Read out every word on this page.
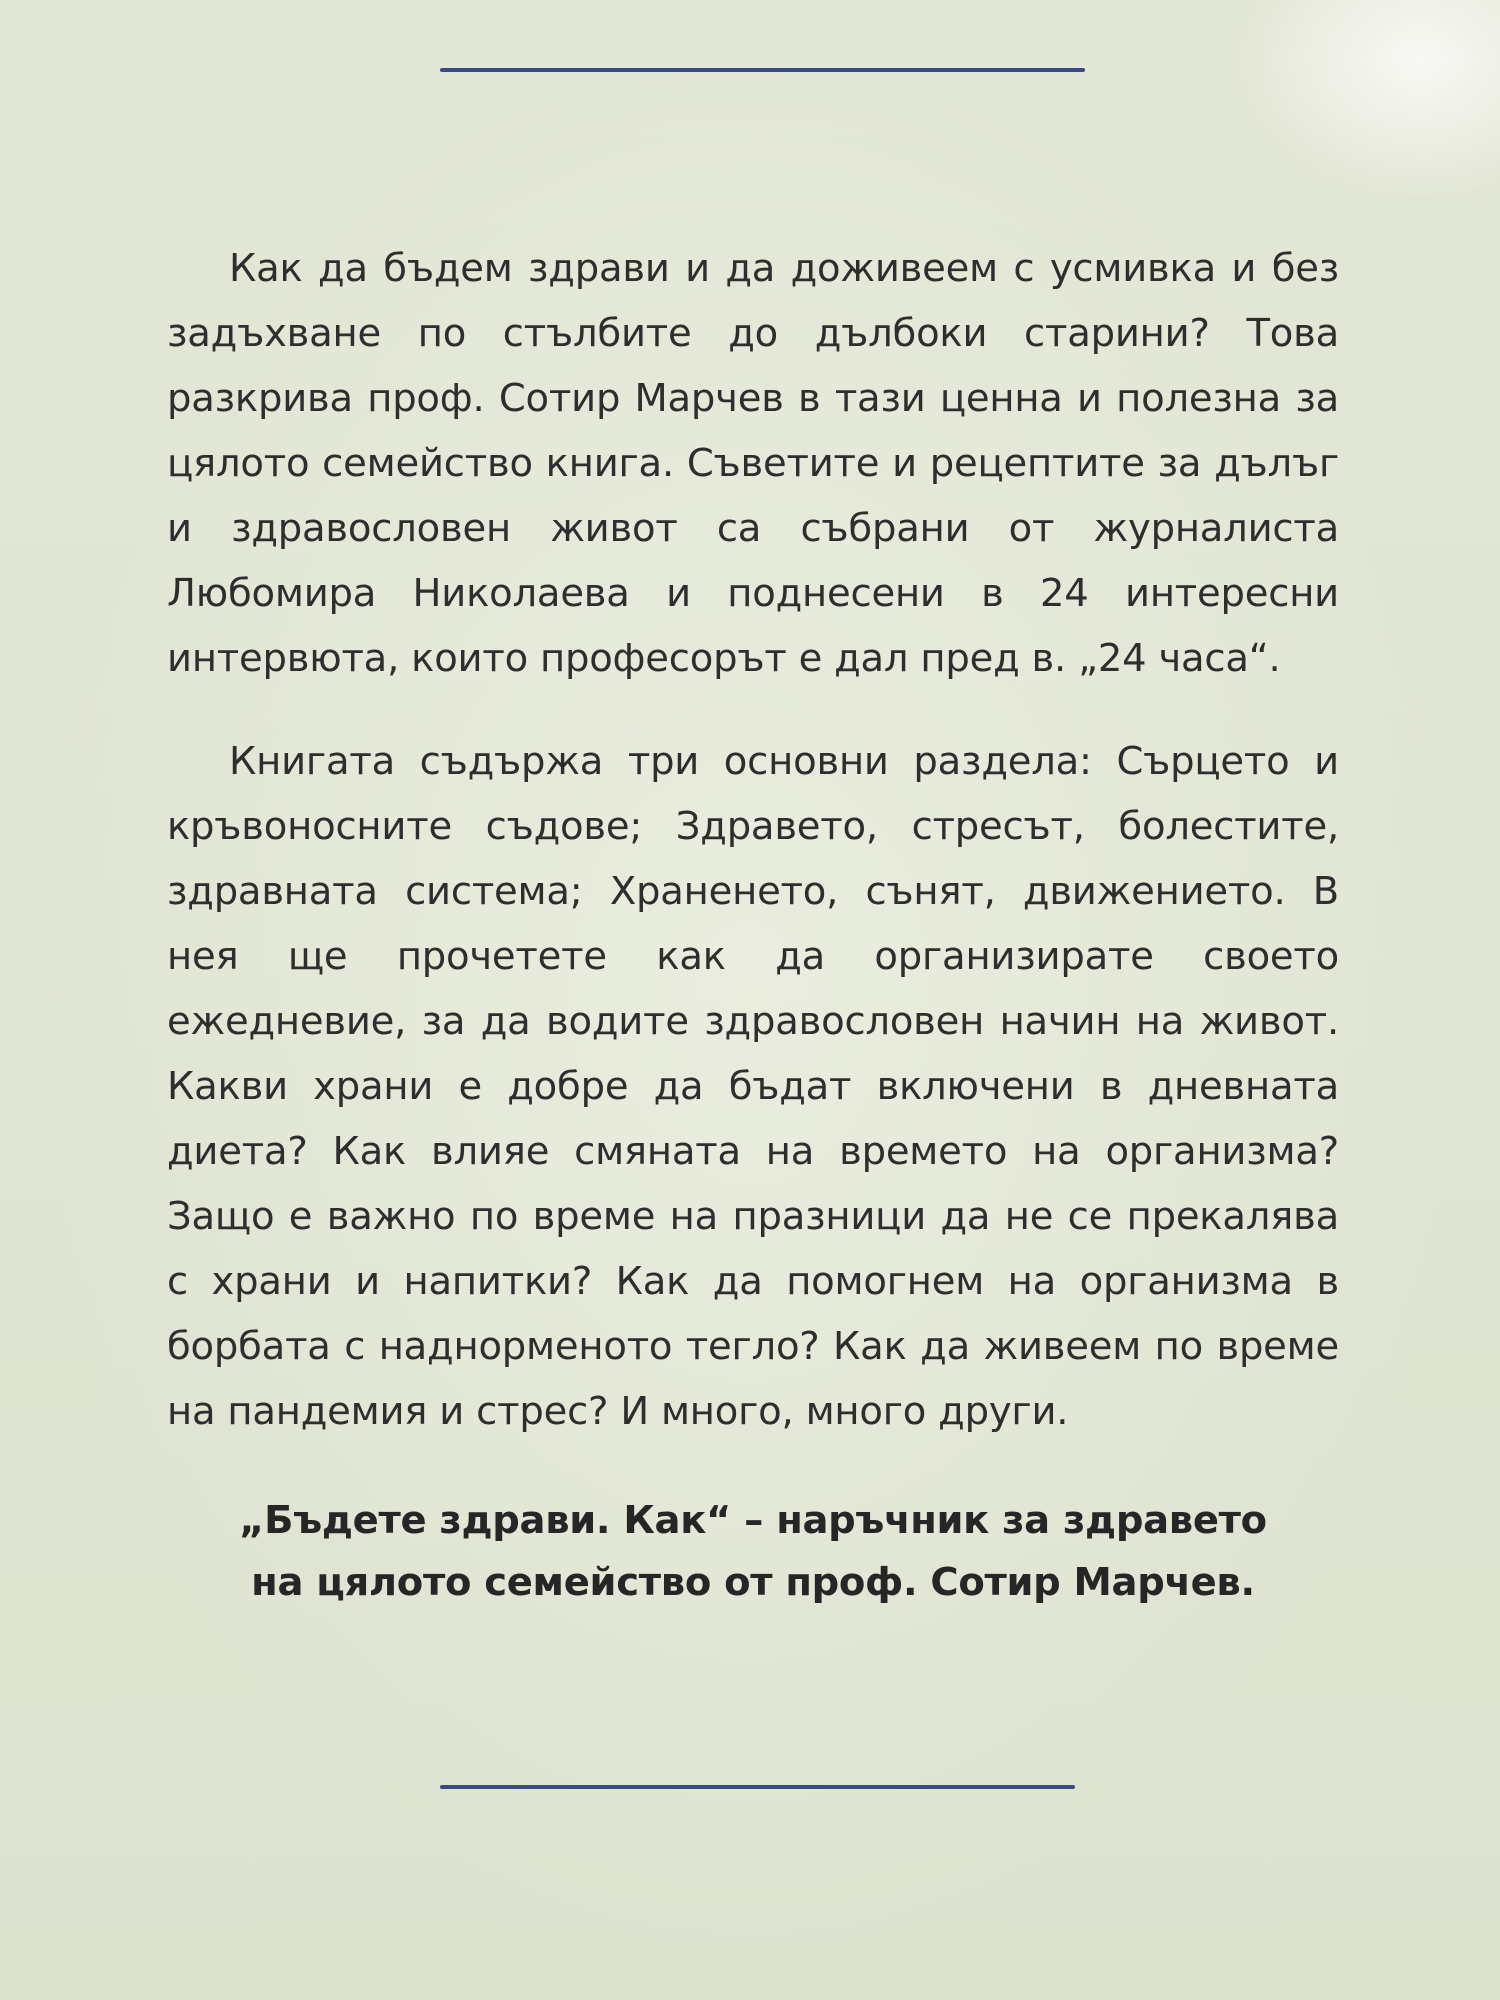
Как да бъдем здрави и да доживеем с усмивка и без задъхване по стълбите до дълбоки старини? Това разкрива проф. Сотир Марчев в тази ценна и полезна за цялото семейство книга. Съветите и рецептите за дълъг и здравословен живот са събрани от журналиста Любомира Николаева и поднесени в 24 интересни интервюта, които професорът е дал пред в. „24 часа“.

Книгата съдържа три основни раздела: Сърцето и кръвоносните съдове; Здравето, стресът, болестите, здравната система; Храненето, сънят, движението. В нея ще прочетете как да организирате своето ежедневие, за да водите здравословен начин на живот. Какви храни е добре да бъдат включени в дневната диета? Как влияе смяната на времето на организма? Защо е важно по време на празници да не се прекалява с храни и напитки? Как да помогнем на организма в борбата с наднорменото тегло? Как да живеем по време на пандемия и стрес? И много, много други.

„Бъдете здрави. Как“ – наръчник за здравето
на цялото семейство от проф. Сотир Марчев.
